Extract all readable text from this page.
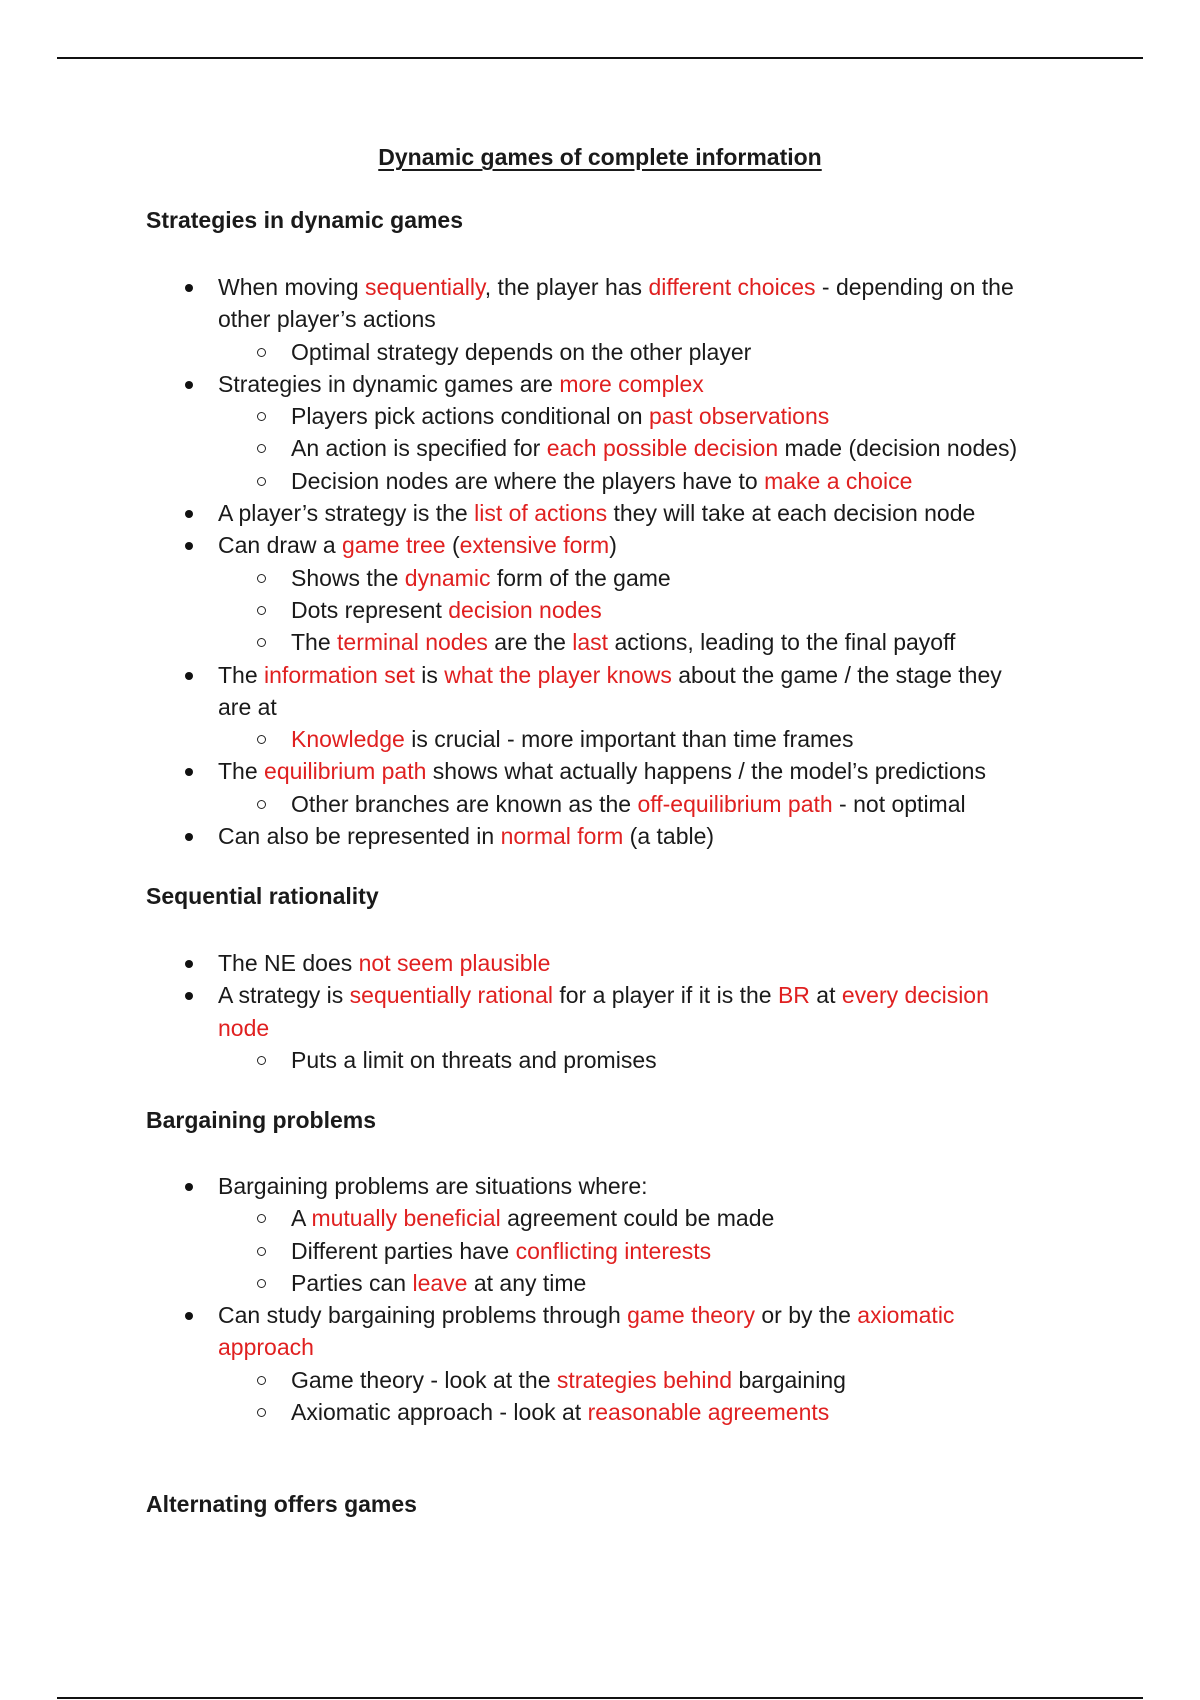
Dynamic games of complete information
Strategies in dynamic games
When moving sequentially, the player has different choices - depending on the other player’s actions
Optimal strategy depends on the other player
Strategies in dynamic games are more complex
Players pick actions conditional on past observations
An action is specified for each possible decision made (decision nodes)
Decision nodes are where the players have to make a choice
A player’s strategy is the list of actions they will take at each decision node
Can draw a game tree (extensive form)
Shows the dynamic form of the game
Dots represent decision nodes
The terminal nodes are the last actions, leading to the final payoff
The information set is what the player knows about the game / the stage they are at
Knowledge is crucial - more important than time frames
The equilibrium path shows what actually happens / the model’s predictions
Other branches are known as the off-equilibrium path - not optimal
Can also be represented in normal form (a table)
Sequential rationality
The NE does not seem plausible
A strategy is sequentially rational for a player if it is the BR at every decision node
Puts a limit on threats and promises
Bargaining problems
Bargaining problems are situations where:
A mutually beneficial agreement could be made
Different parties have conflicting interests
Parties can leave at any time
Can study bargaining problems through game theory or by the axiomatic approach
Game theory - look at the strategies behind bargaining
Axiomatic approach - look at reasonable agreements
Alternating offers games
